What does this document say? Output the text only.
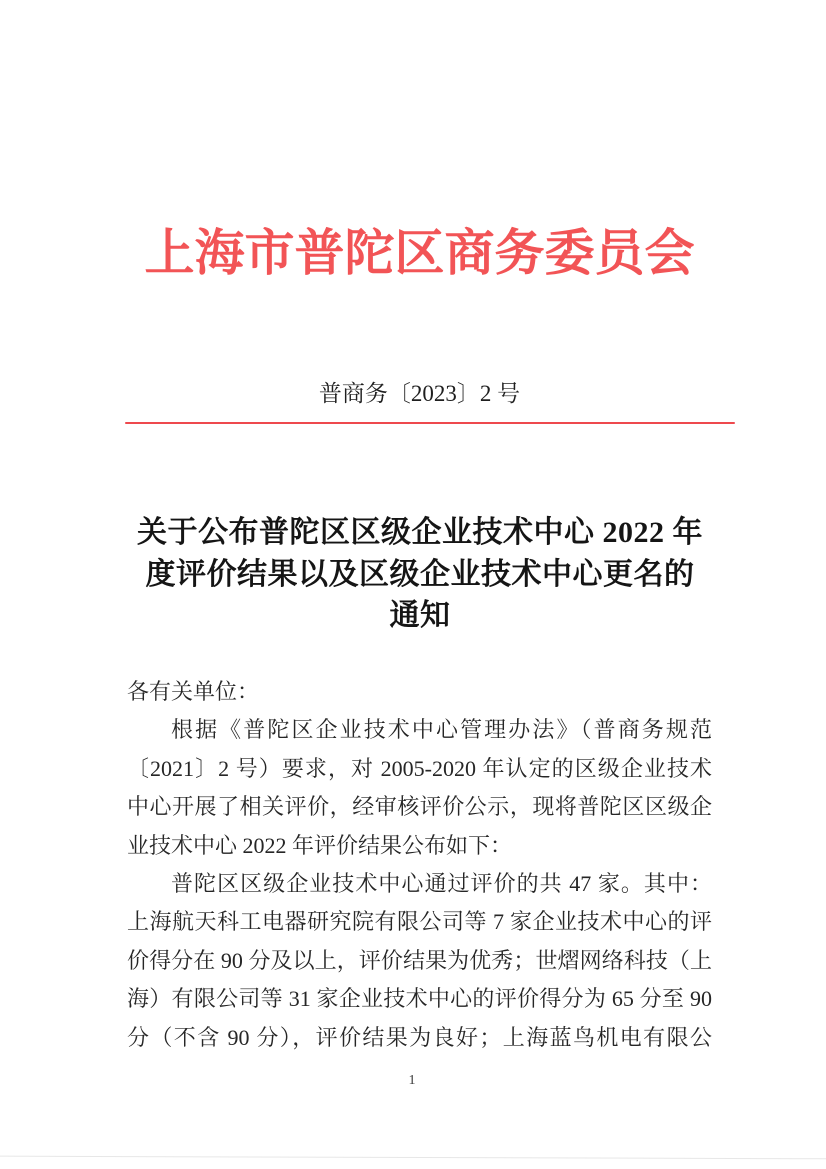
上海市普陀区商务委员会
普商务〔2023〕2 号
关于公布普陀区区级企业技术中心 2022 年
度评价结果以及区级企业技术中心更名的
通知
各有关单位：
根据《普陀区企业技术中心管理办法》（普商务规范
〔2021〕2 号）要求，对 2005-2020 年认定的区级企业技术
中心开展了相关评价，经审核评价公示，现将普陀区区级企
业技术中心 2022 年评价结果公布如下：
普陀区区级企业技术中心通过评价的共 47 家。其中：
上海航天科工电器研究院有限公司等 7 家企业技术中心的评
价得分在 90 分及以上，评价结果为优秀；世熠网络科技（上
海）有限公司等 31 家企业技术中心的评价得分为 65 分至 90
分（不含 90 分），评价结果为良好；上海蓝鸟机电有限公
1
